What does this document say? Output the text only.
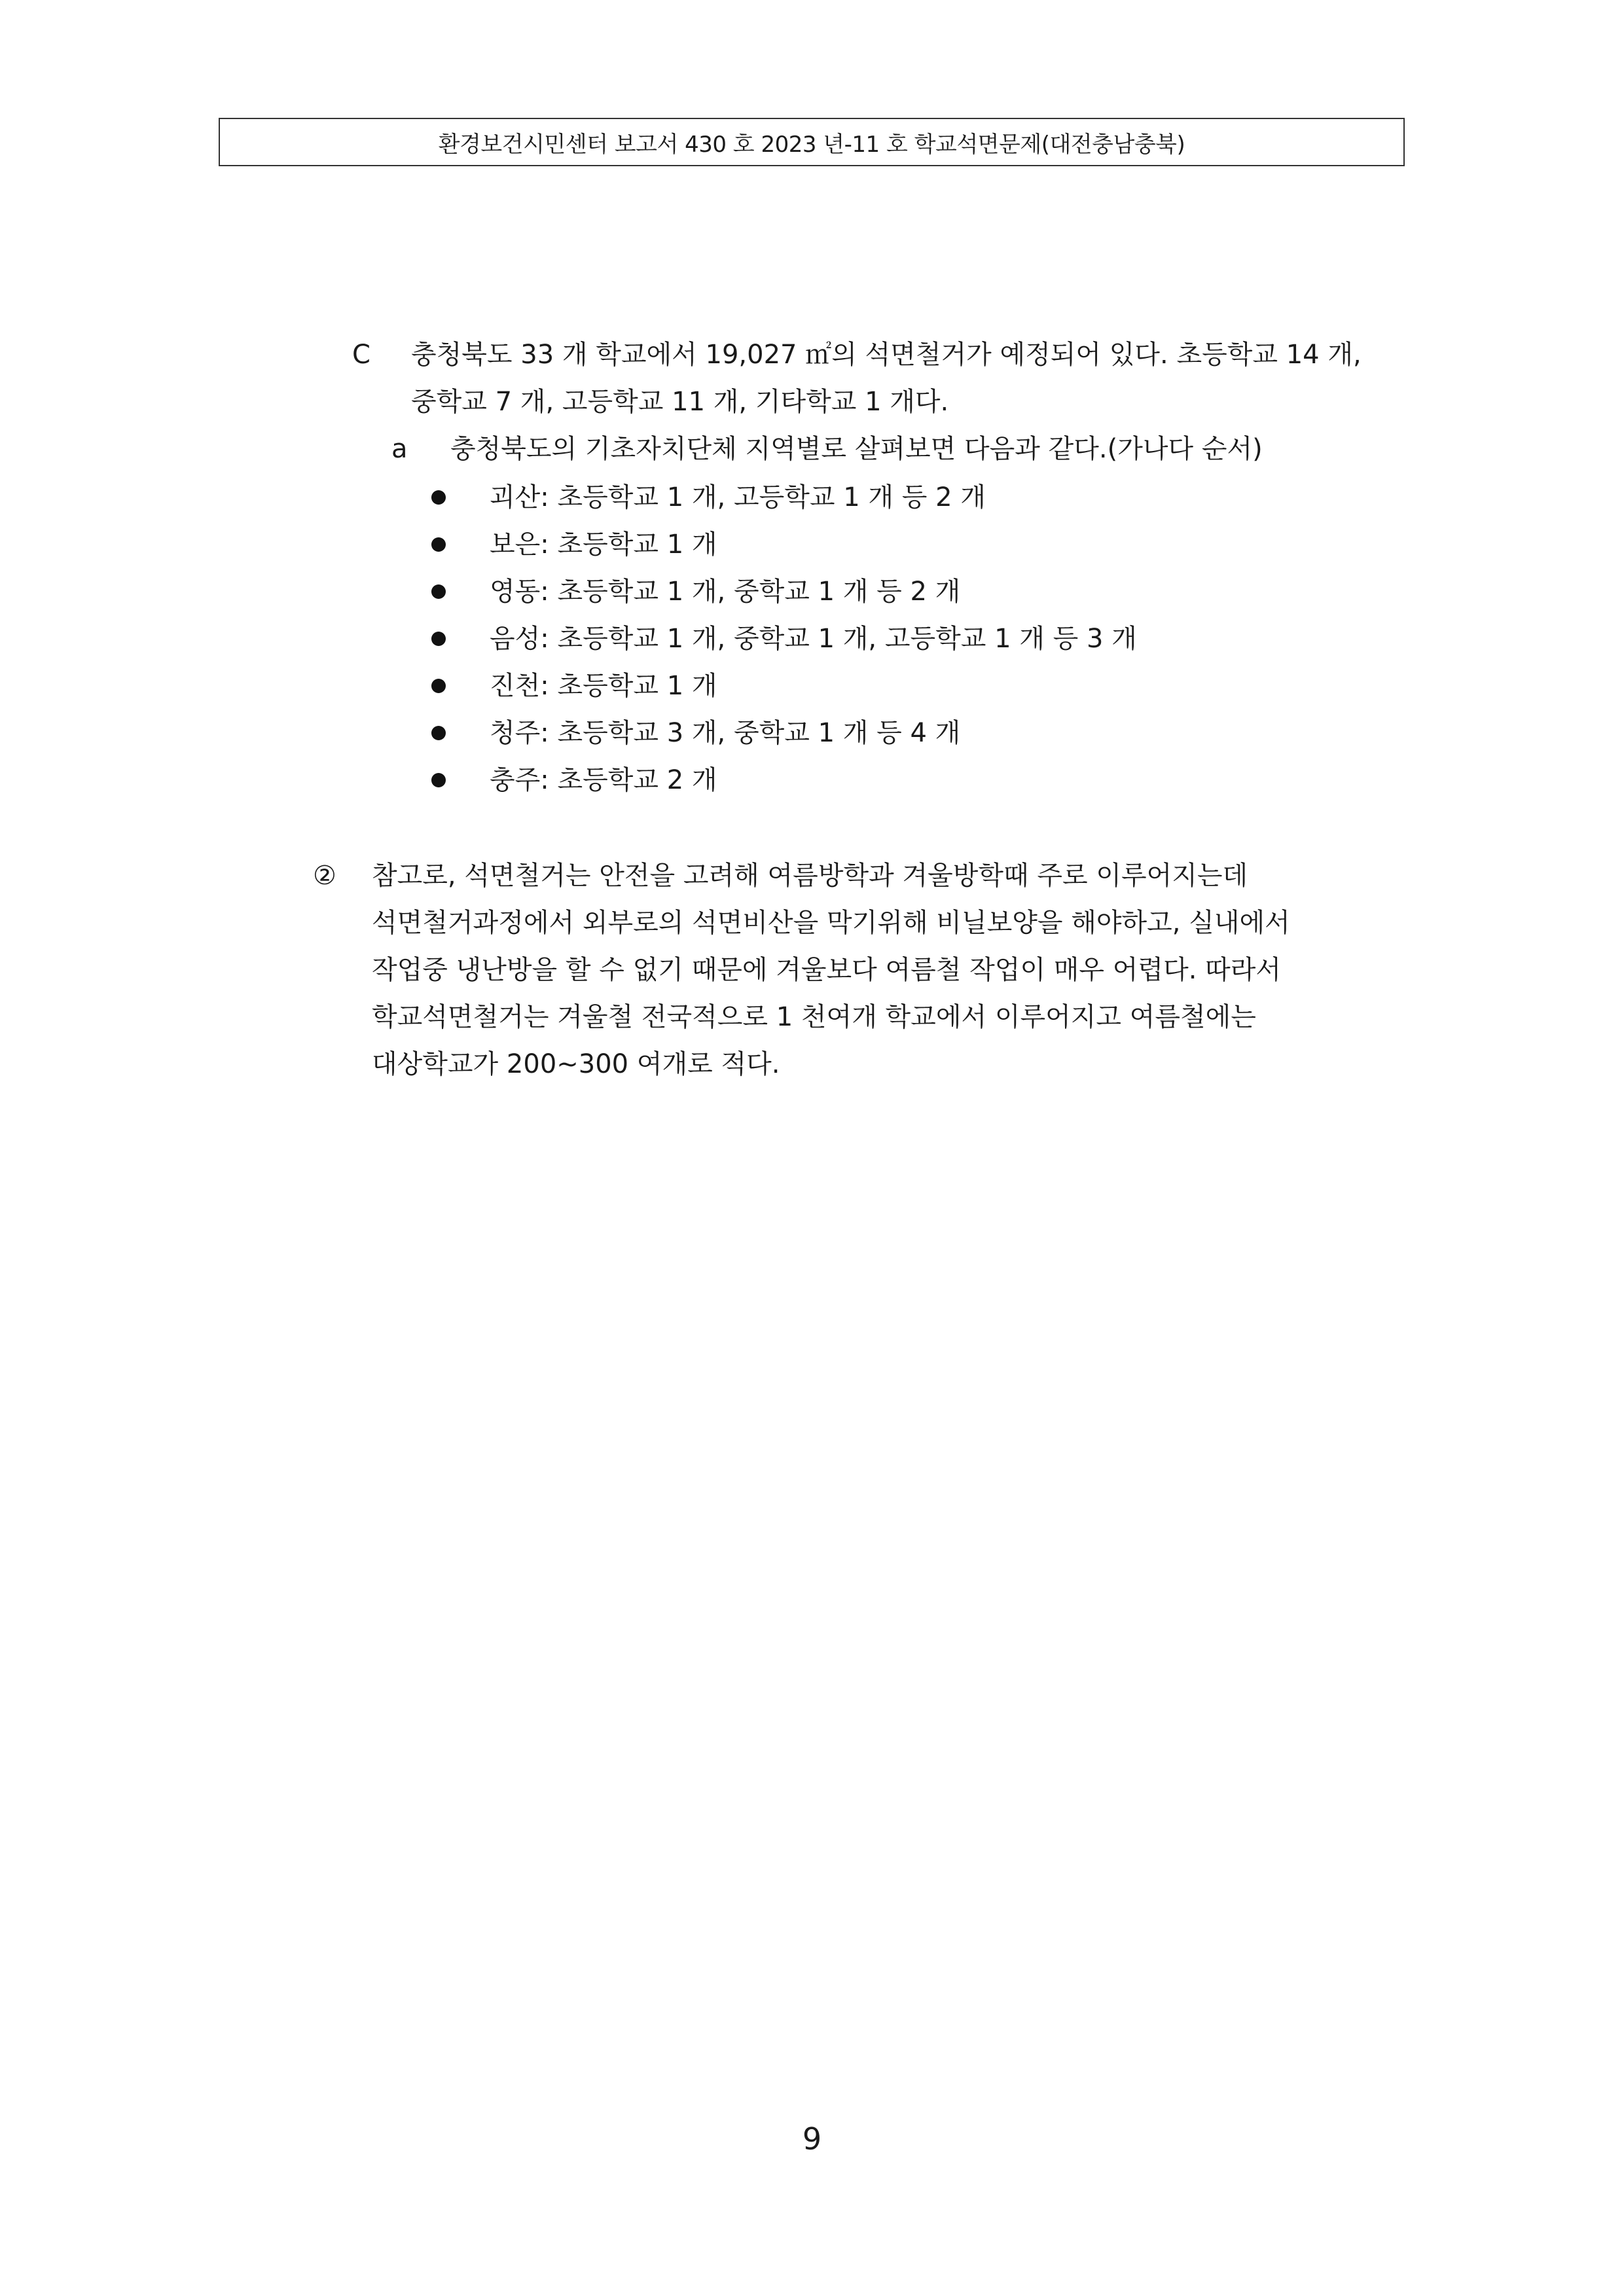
환경보건시민센터 보고서 430 호 2023 년-11 호 학교석면문제(대전충남충북)
C 충청북도 33 개 학교에서 19,027 ㎡의 석면철거가 예정되어 있다. 초등학교 14 개,
중학교 7 개, 고등학교 11 개, 기타학교 1 개다.
a 충청북도의 기초자치단체 지역별로 살펴보면 다음과 같다.(가나다 순서)
괴산: 초등학교 1 개, 고등학교 1 개 등 2 개
보은: 초등학교 1 개
영동: 초등학교 1 개, 중학교 1 개 등 2 개
음성: 초등학교 1 개, 중학교 1 개, 고등학교 1 개 등 3 개
진천: 초등학교 1 개
청주: 초등학교 3 개, 중학교 1 개 등 4 개
충주: 초등학교 2 개
② 참고로, 석면철거는 안전을 고려해 여름방학과 겨울방학때 주로 이루어지는데
석면철거과정에서 외부로의 석면비산을 막기위해 비닐보양을 해야하고, 실내에서
작업중 냉난방을 할 수 없기 때문에 겨울보다 여름철 작업이 매우 어렵다. 따라서
학교석면철거는 겨울철 전국적으로 1 천여개 학교에서 이루어지고 여름철에는
대상학교가 200~300 여개로 적다.
9
